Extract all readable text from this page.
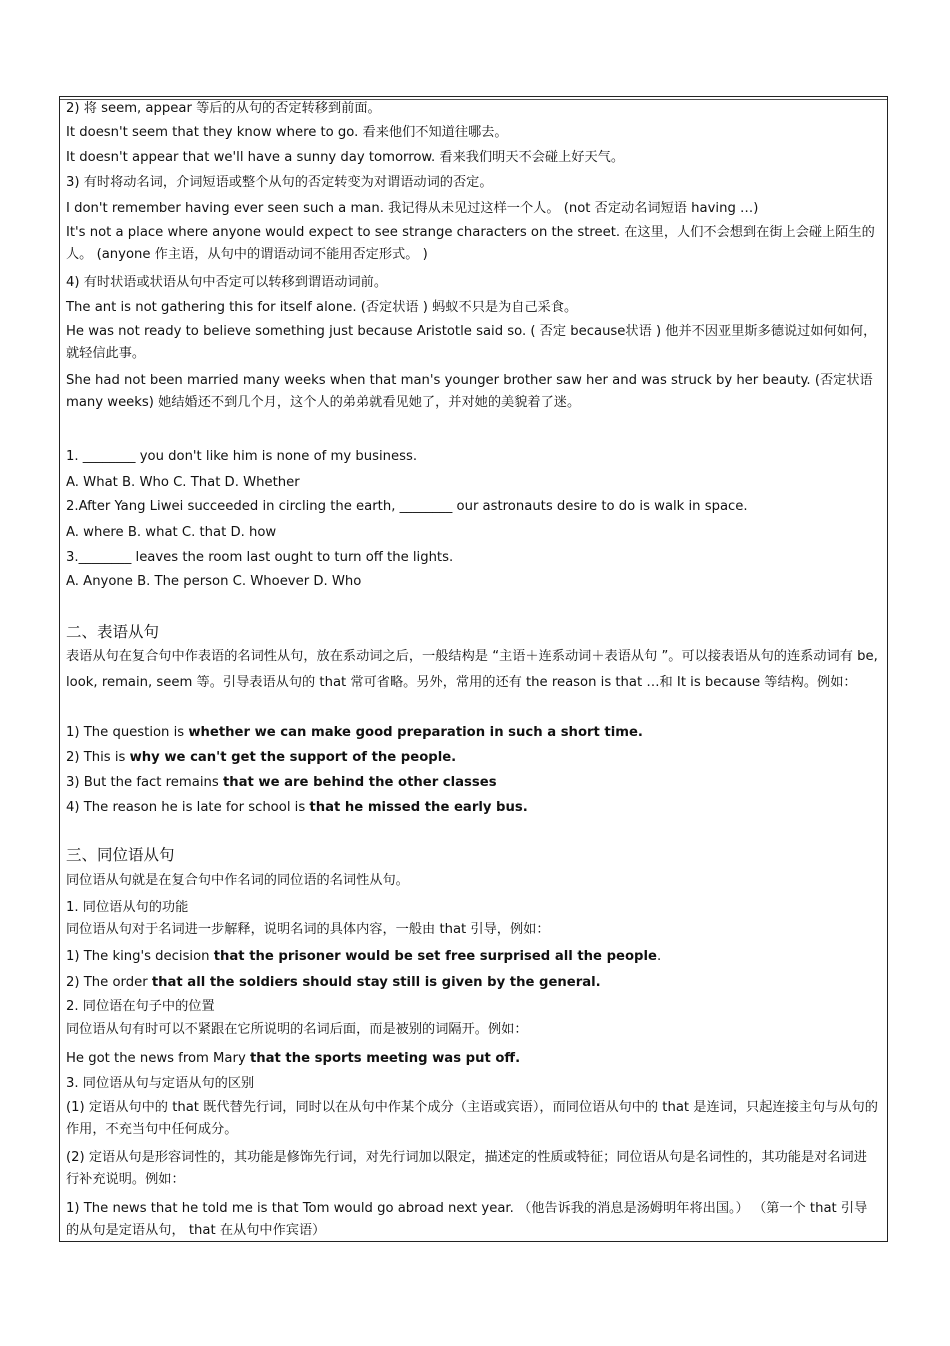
2) 将 seem, appear 等后的从句的否定转移到前面。
It doesn't seem that they know where to go. 看来他们不知道往哪去。
It doesn't appear that we'll have a sunny day tomorrow. 看来我们明天不会碰上好天气。
3) 有时将动名词，介词短语或整个从句的否定转变为对谓语动词的否定。
I don't remember having ever seen such a man. 我记得从未见过这样一个人。 (not 否定动名词短语 having …)
It's not a place where anyone would expect to see strange characters on the street. 在这里，人们不会想到在街上会碰上陌生的人。 (anyone 作主语，从句中的谓语动词不能用否定形式。 )
4) 有时状语或状语从句中否定可以转移到谓语动词前。
The ant is not gathering this for itself alone. (否定状语 ) 蚂蚁不只是为自己采食。
He was not ready to believe something just because Aristotle said so. ( 否定 because状语 ) 他并不因亚里斯多德说过如何如何，就轻信此事。
She had not been married many weeks when that man's younger brother saw her and was struck by her beauty. (否定状语 many weeks) 她结婚还不到几个月，这个人的弟弟就看见她了，并对她的美貌着了迷。
1. ________ you don't like him is none of my business.
A. What B. Who C. That D. Whether
2.After Yang Liwei succeeded in circling the earth, ________ our astronauts desire to do is walk in space.
A. where B. what C. that D. how
3.________ leaves the room last ought to turn off the lights.
A. Anyone B. The person C. Whoever D. Who
二、表语从句
表语从句在复合句中作表语的名词性从句，放在系动词之后，一般结构是 “主语＋连系动词＋表语从句 ”。可以接表语从句的连系动词有 be, look, remain, seem 等。引导表语从句的 that 常可省略。另外，常用的还有 the reason is that …和 It is because 等结构。例如：
1) The question is whether we can make good preparation in such a short time.
2) This is why we can't get the support of the people.
3) But the fact remains that we are behind the other classes
4) The reason he is late for school is that he missed the early bus.
三、同位语从句
同位语从句就是在复合句中作名词的同位语的名词性从句。
1. 同位语从句的功能
同位语从句对于名词进一步解释，说明名词的具体内容，一般由 that 引导，例如：
1) The king's decision that the prisoner would be set free surprised all the people.
2) The order that all the soldiers should stay still is given by the general.
2. 同位语在句子中的位置
同位语从句有时可以不紧跟在它所说明的名词后面，而是被别的词隔开。例如：
He got the news from Mary that the sports meeting was put off.
3. 同位语从句与定语从句的区别
(1) 定语从句中的 that 既代替先行词，同时以在从句中作某个成分（主语或宾语），而同位语从句中的 that 是连词，只起连接主句与从句的作用，不充当句中任何成分。
(2) 定语从句是形容词性的，其功能是修饰先行词，对先行词加以限定，描述定的性质或特征；同位语从句是名词性的，其功能是对名词进行补充说明。例如：
1) The news that he told me is that Tom would go abroad next year. （他告诉我的消息是汤姆明年将出国。） （第一个 that 引导的从句是定语从句， that 在从句中作宾语）
